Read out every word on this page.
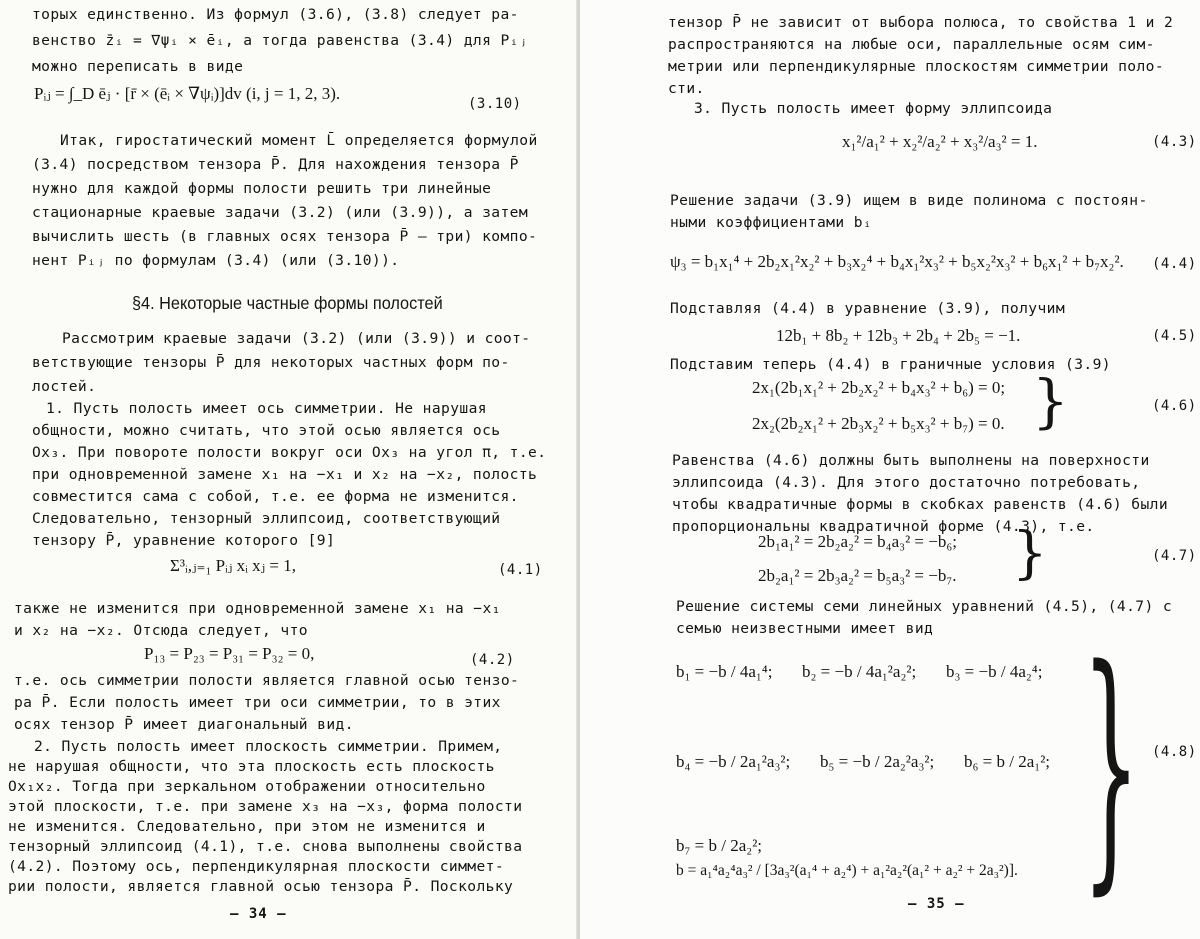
торых единственно. Из формул (3.6), (3.8) следует ра-
венство z̄ᵢ = ∇ψᵢ × ēᵢ, а тогда равенства (3.4) для Pᵢⱼ
можно переписать в виде
Pᵢⱼ = ∫_D ēⱼ · [r̄ × (ēᵢ × ∇ψᵢ)]dv (i, j = 1, 2, 3).
(3.10)
Итак, гиростатический момент L̄ определяется формулой
(3.4) посредством тензора P̄. Для нахождения тензора P̄
нужно для каждой формы полости решить три линейные
стационарные краевые задачи (3.2) (или (3.9)), а затем
вычислить шесть (в главных осях тензора P̄ – три) компо-
нент Pᵢⱼ по формулам (3.4) (или (3.10)).
§4. Некоторые частные формы полостей
Рассмотрим краевые задачи (3.2) (или (3.9)) и соот-
ветствующие тензоры P̄ для некоторых частных форм по-
лостей.
1. Пусть полость имеет ось симметрии. Не нарушая
общности, можно считать, что этой осью является ось
Ox₃. При повороте полости вокруг оси Ox₃ на угол π, т.е.
при одновременной замене x₁ на −x₁ и x₂ на −x₂, полость
совместится сама с собой, т.е. ее форма не изменится.
Следовательно, тензорный эллипсоид, соответствующий
тензору P̄, уравнение которого [9]
Σ³ᵢ,ⱼ₌₁ Pᵢⱼ xᵢ xⱼ = 1,	(4.1)
также не изменится при одновременной замене x₁ на −x₁
и x₂ на −x₂. Отсюда следует, что
P₁₃ = P₂₃ = P₃₁ = P₃₂ = 0,	(4.2)
т.е. ось симметрии полости является главной осью тензо-
ра P̄. Если полость имеет три оси симметрии, то в этих
осях тензор P̄ имеет диагональный вид.
2. Пусть полость имеет плоскость симметрии. Примем,
не нарушая общности, что эта плоскость есть плоскость
Ox₁x₂. Тогда при зеркальном отображении относительно
этой плоскости, т.е. при замене x₃ на −x₃, форма полости
не изменится. Следовательно, при этом не изменится и
тензорный эллипсоид (4.1), т.е. снова выполнены свойства
(4.2). Поэтому ось, перпендикулярная плоскости симмет-
рии полости, является главной осью тензора P̄. Поскольку
— 34 —
тензор P̄ не зависит от выбора полюса, то свойства 1 и 2
распространяются на любые оси, параллельные осям сим-
метрии или перпендикулярные плоскостям симметрии поло-
сти.
3. Пусть полость имеет форму эллипсоида
x₁²/a₁² + x₂²/a₂² + x₃²/a₃² = 1.	(4.3)
Решение задачи (3.9) ищем в виде полинома с постоян-
ными коэффициентами bᵢ
ψ₃ = b₁x₁⁴ + 2b₂x₁²x₂² + b₃x₂⁴ + b₄x₁²x₃² + b₅x₂²x₃² + b₆x₁² + b₇x₂². (4.4)
Подставляя (4.4) в уравнение (3.9), получим
12b₁ + 8b₂ + 12b₃ + 2b₄ + 2b₅ = −1.	(4.5)
Подставим теперь (4.4) в граничные условия (3.9)
2x₁(2b₁x₁² + 2b₂x₂² + b₄x₃² + b₆) = 0;
2x₂(2b₂x₁² + 2b₃x₂² + b₅x₃² + b₇) = 0. }	(4.6)
Равенства (4.6) должны быть выполнены на поверхности
эллипсоида (4.3). Для этого достаточно потребовать,
чтобы квадратичные формы в скобках равенств (4.6) были
пропорциональны квадратичной форме (4.3), т.е.
2b₁a₁² = 2b₂a₂² = b₄a₃² = −b₆;
2b₂a₁² = 2b₃a₂² = b₅a₃² = −b₇. }	(4.7)
Решение системы семи линейных уравнений (4.5), (4.7) с
семью неизвестными имеет вид
b₁ = −b / 4a₁⁴; b₂ = −b / 4a₁²a₂²; b₃ = −b / 4a₂⁴;
b₄ = −b / 2a₁²a₃²; b₅ = −b / 2a₂²a₃²; b₆ = b / 2a₁²;
b₇ = b / 2a₂²;
b = a₁⁴a₂⁴a₃² / [3a₃²(a₁⁴ + a₂⁴) + a₁²a₂²(a₁² + a₂² + 2a₃²)]. } (4.8)
— 35 —
